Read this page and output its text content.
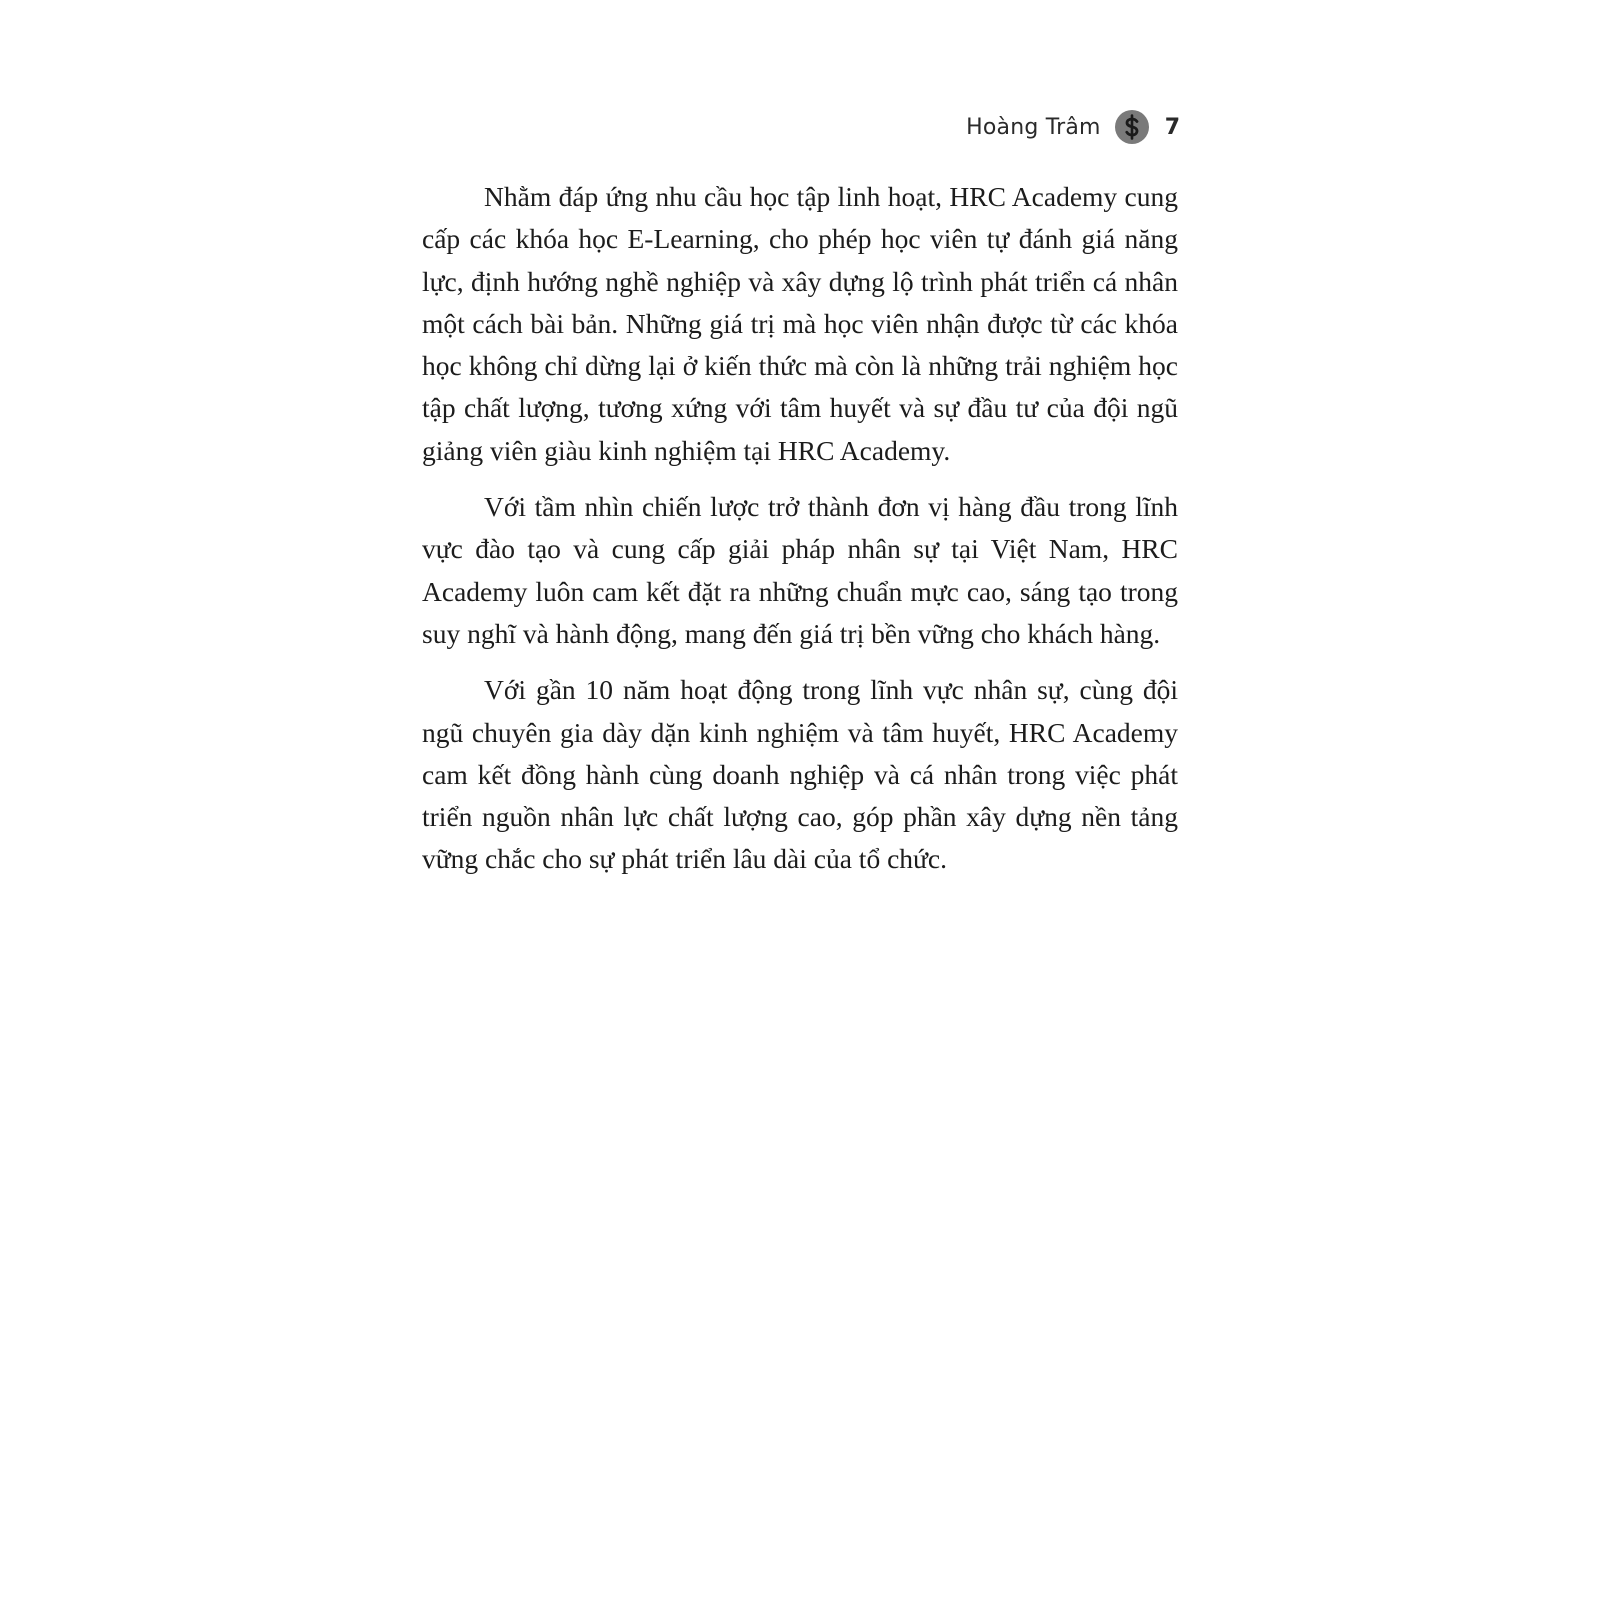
Hoàng Trâm	7

Nhằm đáp ứng nhu cầu học tập linh hoạt, HRC Academy cung cấp các khóa học E-Learning, cho phép học viên tự đánh giá năng lực, định hướng nghề nghiệp và xây dựng lộ trình phát triển cá nhân một cách bài bản. Những giá trị mà học viên nhận được từ các khóa học không chỉ dừng lại ở kiến thức mà còn là những trải nghiệm học tập chất lượng, tương xứng với tâm huyết và sự đầu tư của đội ngũ giảng viên giàu kinh nghiệm tại HRC Academy.

Với tầm nhìn chiến lược trở thành đơn vị hàng đầu trong lĩnh vực đào tạo và cung cấp giải pháp nhân sự tại Việt Nam, HRC Academy luôn cam kết đặt ra những chuẩn mực cao, sáng tạo trong suy nghĩ và hành động, mang đến giá trị bền vững cho khách hàng.

Với gần 10 năm hoạt động trong lĩnh vực nhân sự, cùng đội ngũ chuyên gia dày dặn kinh nghiệm và tâm huyết, HRC Academy cam kết đồng hành cùng doanh nghiệp và cá nhân trong việc phát triển nguồn nhân lực chất lượng cao, góp phần xây dựng nền tảng vững chắc cho sự phát triển lâu dài của tổ chức.
